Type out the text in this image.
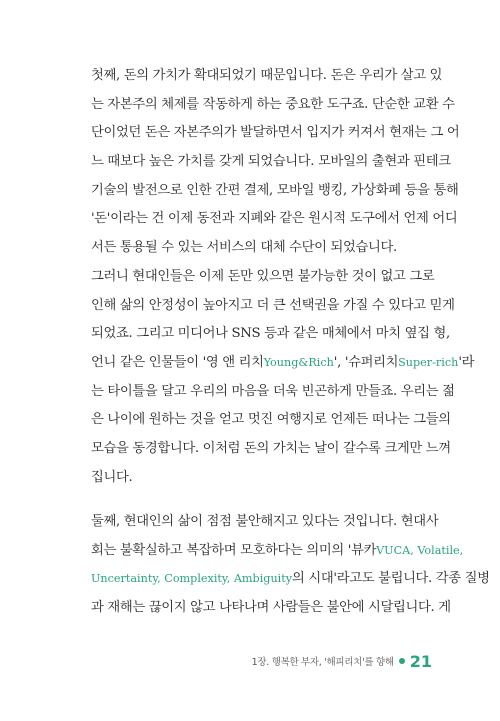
첫째, 돈의 가치가 확대되었기 때문입니다. 돈은 우리가 살고 있
는 자본주의 체제를 작동하게 하는 중요한 도구죠. 단순한 교환 수
단이었던 돈은 자본주의가 발달하면서 입지가 커져서 현재는 그 어
느 때보다 높은 가치를 갖게 되었습니다. 모바일의 출현과 핀테크
기술의 발전으로 인한 간편 결제, 모바일 뱅킹, 가상화폐 등을 통해
'돈'이라는 건 이제 동전과 지폐와 같은 원시적 도구에서 언제 어디
서든 통용될 수 있는 서비스의 대체 수단이 되었습니다.
그러니 현대인들은 이제 돈만 있으면 불가능한 것이 없고 그로
인해 삶의 안정성이 높아지고 더 큰 선택권을 가질 수 있다고 믿게
되었죠. 그리고 미디어나 SNS 등과 같은 매체에서 마치 옆집 형,
언니 같은 인물들이 '영 앤 리치Young&Rich', '슈퍼리치Super-rich'라
는 타이틀을 달고 우리의 마음을 더욱 빈곤하게 만들죠. 우리는 젊
은 나이에 원하는 것을 얻고 멋진 여행지로 언제든 떠나는 그들의
모습을 동경합니다. 이처럼 돈의 가치는 날이 갈수록 크게만 느껴
집니다.
둘째, 현대인의 삶이 점점 불안해지고 있다는 것입니다. 현대사
회는 불확실하고 복잡하며 모호하다는 의미의 '뷰카VUCA, Volatile,
Uncertainty, Complexity, Ambiguity의 시대'라고도 불립니다. 각종 질병
과 재해는 끊이지 않고 나타나며 사람들은 불안에 시달립니다. 게
1장. 행복한 부자, '해피리치'를 향해 21
